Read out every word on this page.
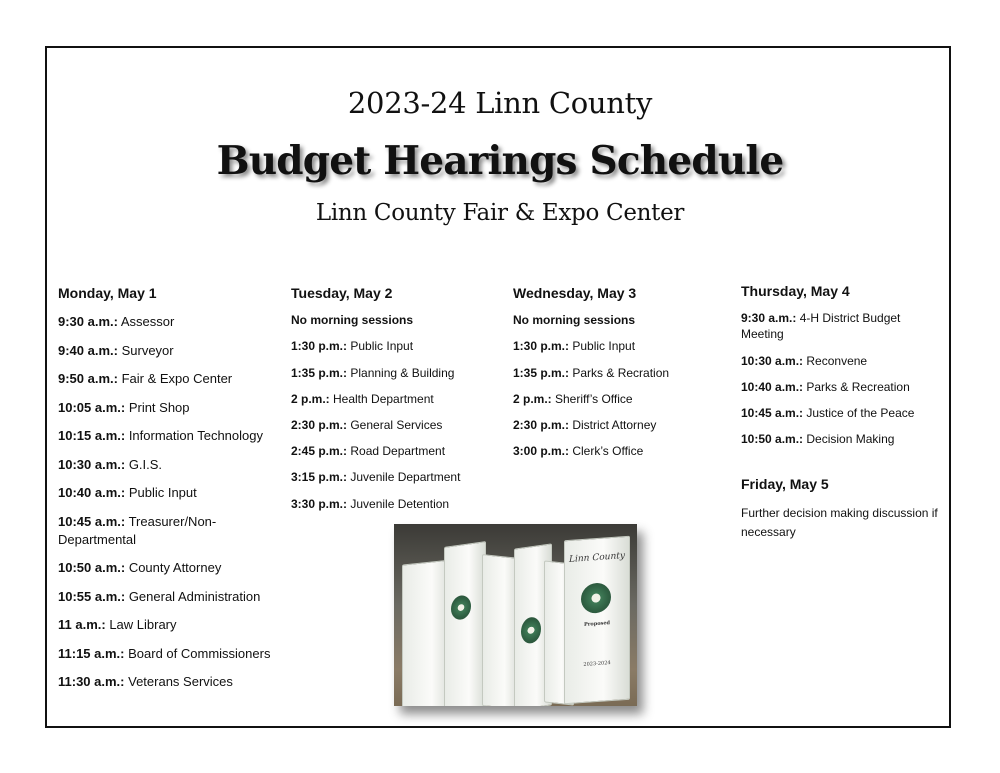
2023-24 Linn County
Budget Hearings Schedule
Linn County Fair & Expo Center
Monday, May 1
9:30 a.m.: Assessor
9:40 a.m.: Surveyor
9:50 a.m.: Fair & Expo Center
10:05 a.m.: Print Shop
10:15 a.m.: Information Technology
10:30 a.m.: G.I.S.
10:40 a.m.: Public Input
10:45 a.m.: Treasurer/Non-Departmental
10:50 a.m.: County Attorney
10:55 a.m.: General Administration
11 a.m.: Law Library
11:15 a.m.: Board of Commissioners
11:30 a.m.: Veterans Services
Tuesday, May 2
No morning sessions
1:30 p.m.: Public Input
1:35 p.m.: Planning & Building
2 p.m.: Health Department
2:30 p.m.: General Services
2:45 p.m.: Road Department
3:15 p.m.: Juvenile Department
3:30 p.m.: Juvenile Detention
Wednesday, May 3
No morning sessions
1:30 p.m.: Public Input
1:35 p.m.: Parks & Recration
2 p.m.: Sheriff’s Office
2:30 p.m.: District Attorney
3:00 p.m.: Clerk’s Office
Thursday, May 4
9:30 a.m.: 4-H District Budget Meeting
10:30 a.m.: Reconvene
10:40 a.m.: Parks & Recreation
10:45 a.m.: Justice of the Peace
10:50 a.m.: Decision Making
Friday, May 5
Further decision making discussion if necessary
Linn County
Proposed
2023-2024
